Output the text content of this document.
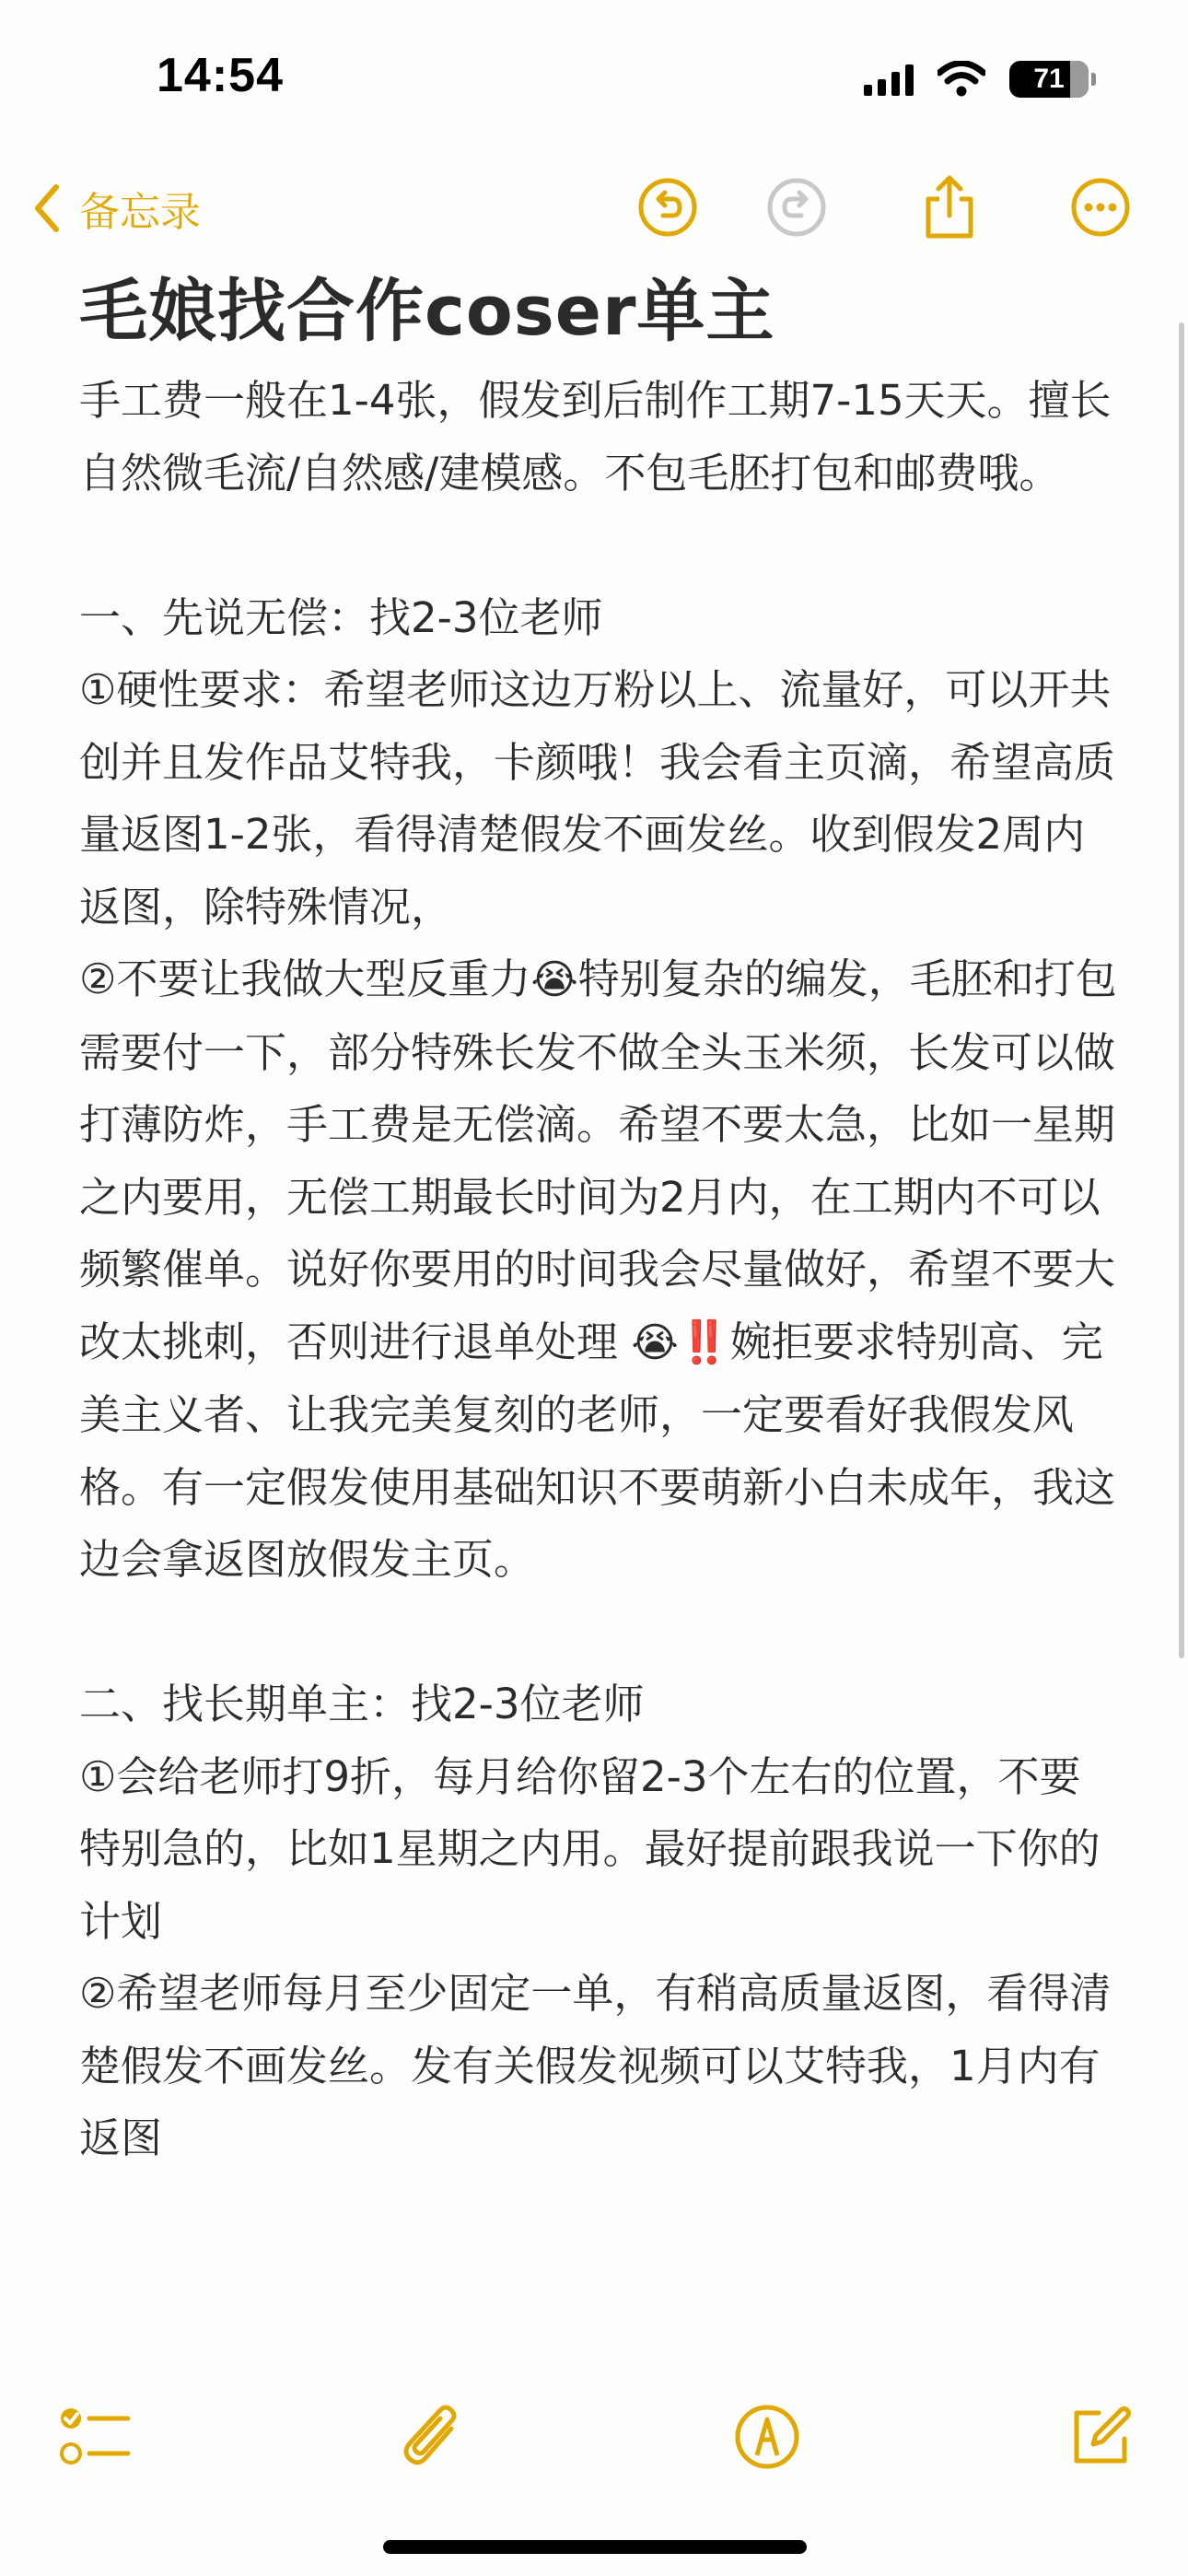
14:54	71
备忘录
毛娘找合作coser单主

手工费一般在1-4张，假发到后制作工期7-15天天。擅长自然微毛流/自然感/建模感。不包毛胚打包和邮费哦。

一、先说无偿：找2-3位老师

①硬性要求：希望老师这边万粉以上、流量好，可以开共创并且发作品艾特我，卡颜哦！我会看主页滴，希望高质量返图1-2张，看得清楚假发不画发丝。收到假发2周内返图，除特殊情况，

②不要让我做大型反重力😭特别复杂的编发，毛胚和打包需要付一下，部分特殊长发不做全头玉米须，长发可以做打薄防炸，手工费是无偿滴。希望不要太急，比如一星期之内要用，无偿工期最长时间为2月内，在工期内不可以频繁催单。说好你要用的时间我会尽量做好，希望不要大改太挑刺，否则进行退单处理 😭‼️婉拒要求特别高、完美主义者、让我完美复刻的老师，一定要看好我假发风格。有一定假发使用基础知识不要萌新小白未成年，我这边会拿返图放假发主页。

二、找长期单主：找2-3位老师

①会给老师打9折，每月给你留2-3个左右的位置，不要特别急的，比如1星期之内用。最好提前跟我说一下你的计划

②希望老师每月至少固定一单，有稍高质量返图，看得清楚假发不画发丝。发有关假发视频可以艾特我，1月内有返图
